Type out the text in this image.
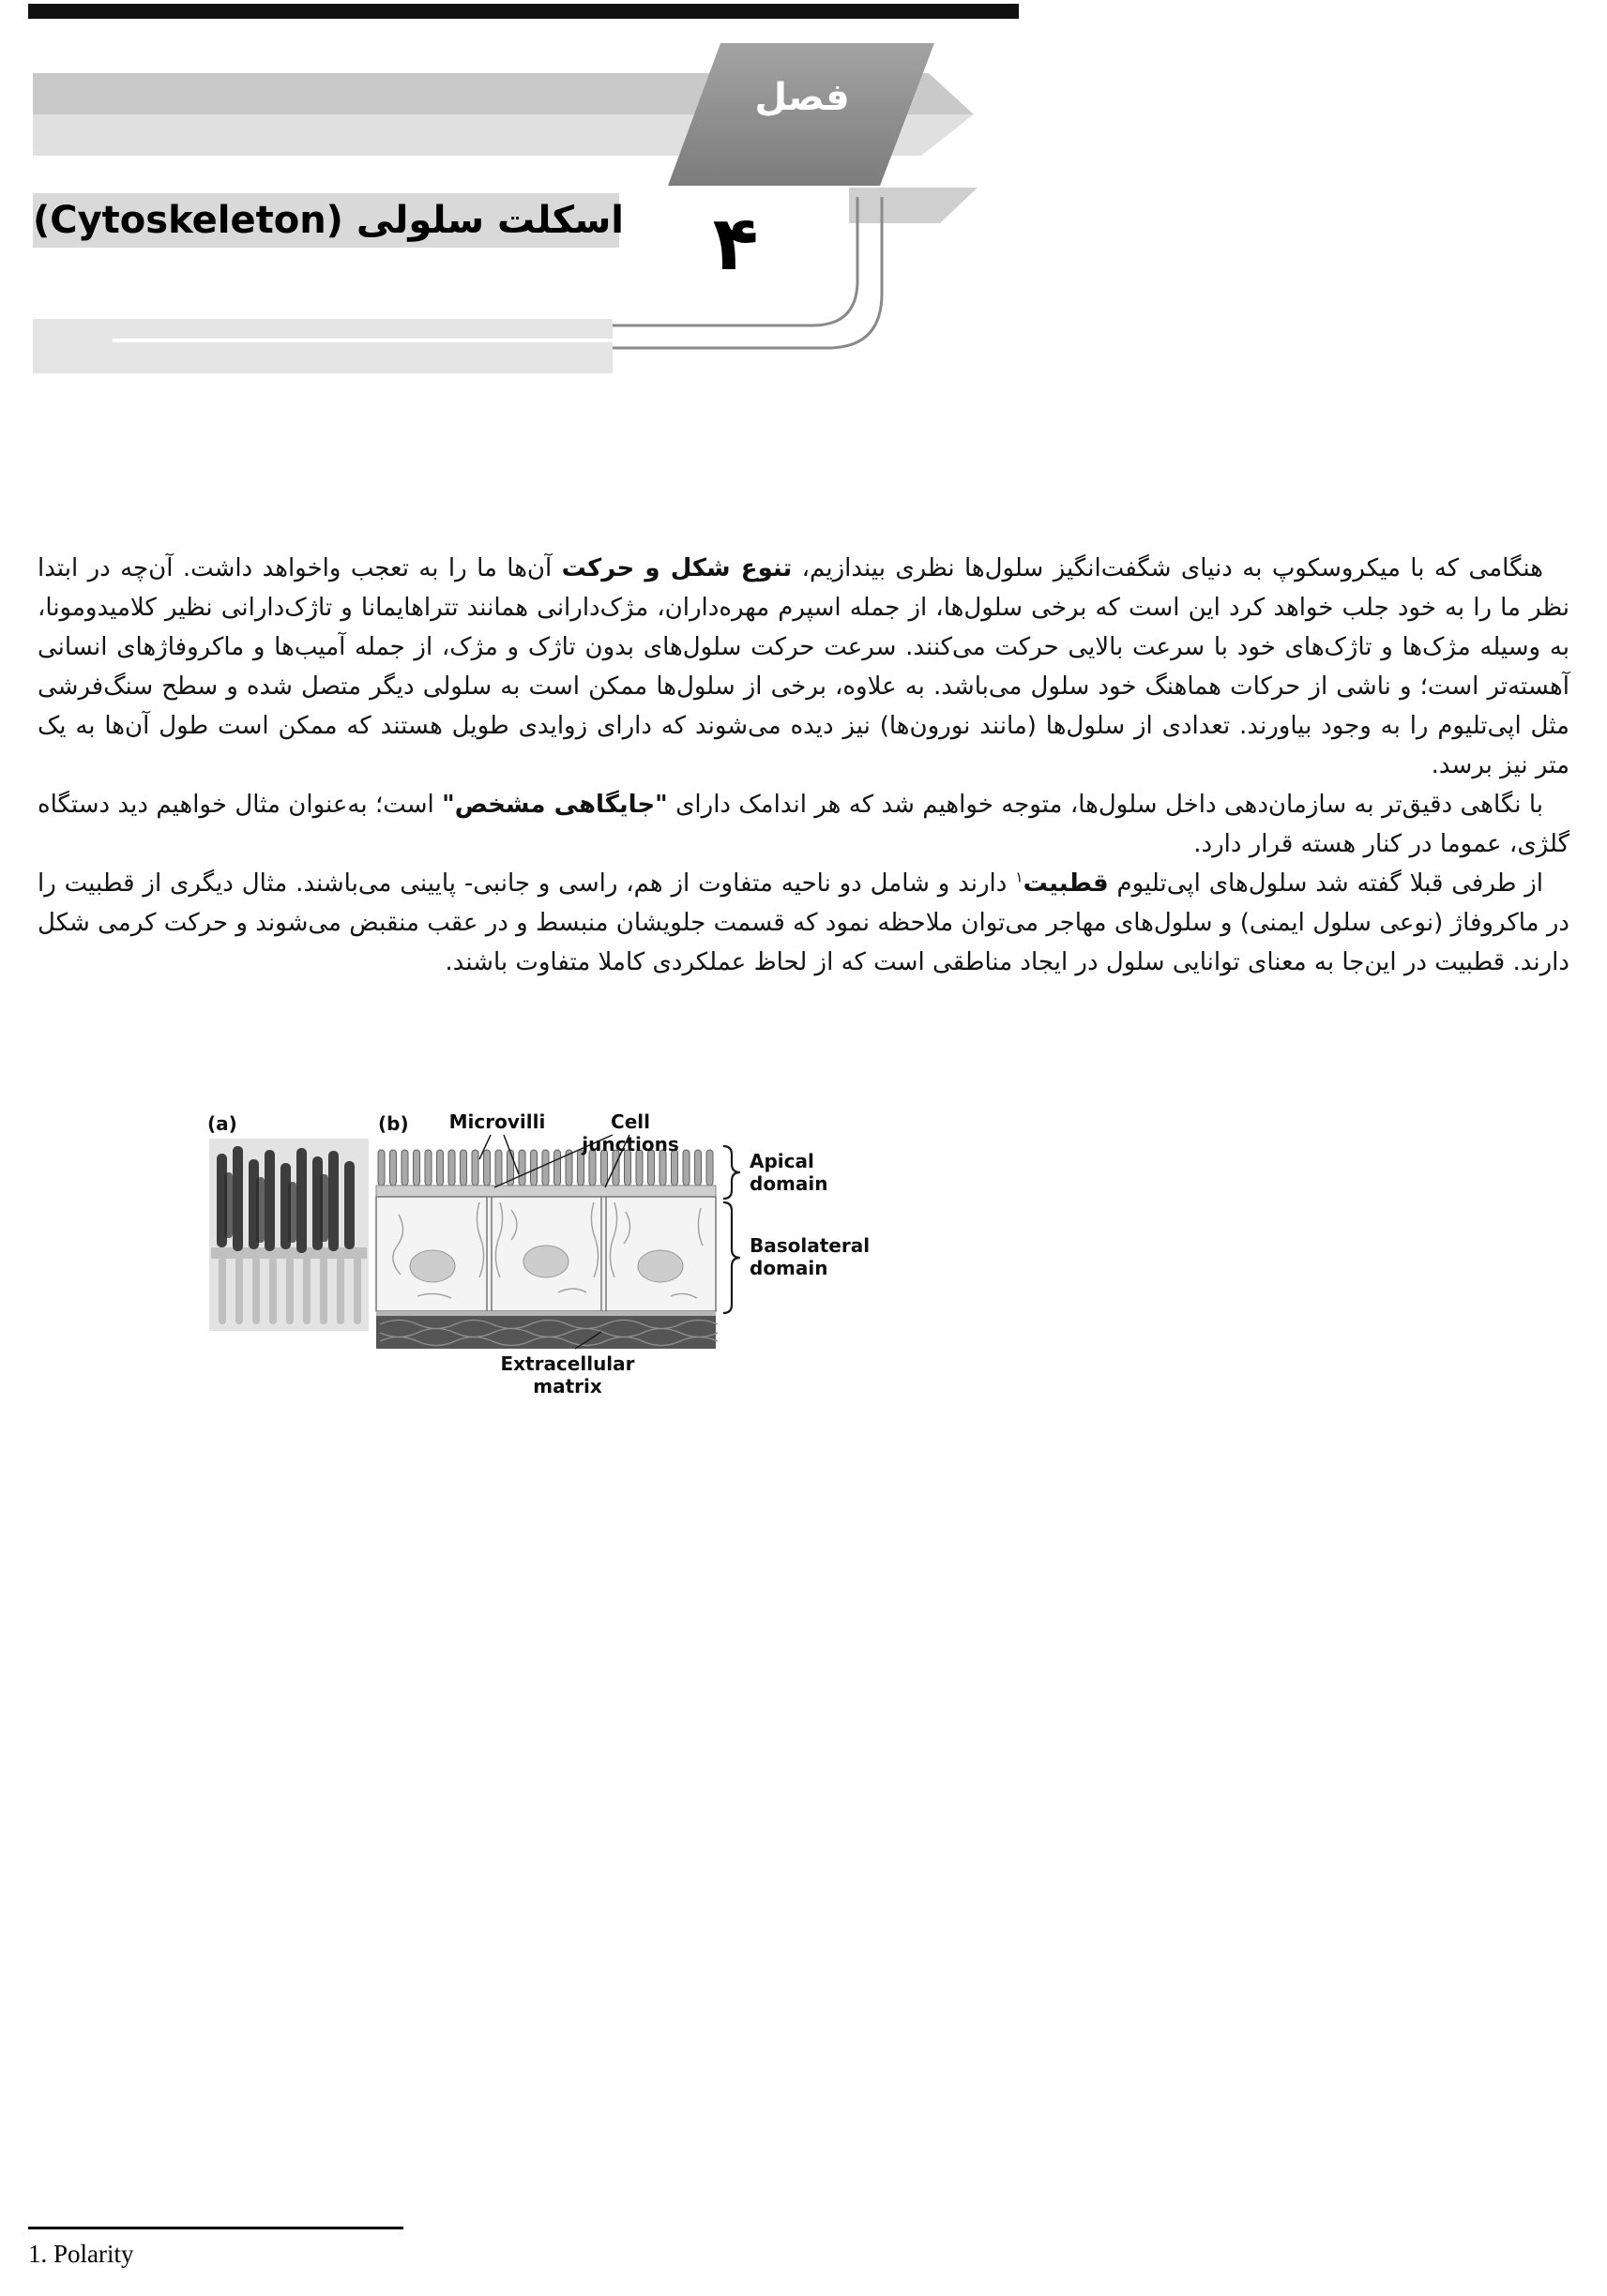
فصل
۴
اسکلت سلولی (Cytoskeleton)

هنگامی که با میکروسکوپ به دنیای شگفت‌انگیز سلول‌ها نظری بیندازیم، تنوع شکل و حرکت آن‌ها ما را به تعجب واخواهد داشت. آن‌چه در ابتدا نظر ما را به خود جلب خواهد کرد این است که برخی سلول‌ها، از جمله اسپرم مهره‌داران، مژک‌دارانی همانند تتراهایمانا و تاژک‌دارانی نظیر کلامیدومونا، به وسیله مژک‌ها و تاژک‌های خود با سرعت بالایی حرکت می‌کنند. سرعت حرکت سلول‌های بدون تاژک و مژک، از جمله آمیب‌ها و ماکروفاژهای انسانی آهسته‌تر است؛ و ناشی از حرکات هماهنگ خود سلول می‌باشد. به علاوه، برخی از سلول‌ها ممکن است به سلولی دیگر متصل شده و سطح سنگ‌فرشی مثل اپی‌تلیوم را به وجود بیاورند. تعدادی از سلول‌ها (مانند نورون‌ها) نیز دیده می‌شوند که دارای زوایدی طویل هستند که ممکن است طول آن‌ها به یک متر نیز برسد.

با نگاهی دقیق‌تر به سازمان‌دهی داخل سلول‌ها، متوجه خواهیم شد که هر اندامک دارای "جایگاهی مشخص" است؛ به‌عنوان مثال خواهیم دید دستگاه گلژی، عموما در کنار هسته قرار دارد.

از طرفی قبلا گفته شد سلول‌های اپی‌تلیوم قطبیت$^۱$ دارند و شامل دو ناحیه متفاوت از هم، راسی و جانبی- پایینی می‌باشند. مثال دیگری از قطبیت را در ماکروفاژ (نوعی سلول ایمنی) و سلول‌های مهاجر می‌توان ملاحظه نمود که قسمت جلویشان منبسط و در عقب منقبض می‌شوند و حرکت کرمی شکل دارند. قطبیت در این‌جا به معنای توانایی سلول در ایجاد مناطقی است که از لحاظ عملکردی کاملا متفاوت باشند.

(a)	(b)	Microvilli	Cell junctions
Apical domain
Basolateral domain
Extracellular matrix
1. Polarity
